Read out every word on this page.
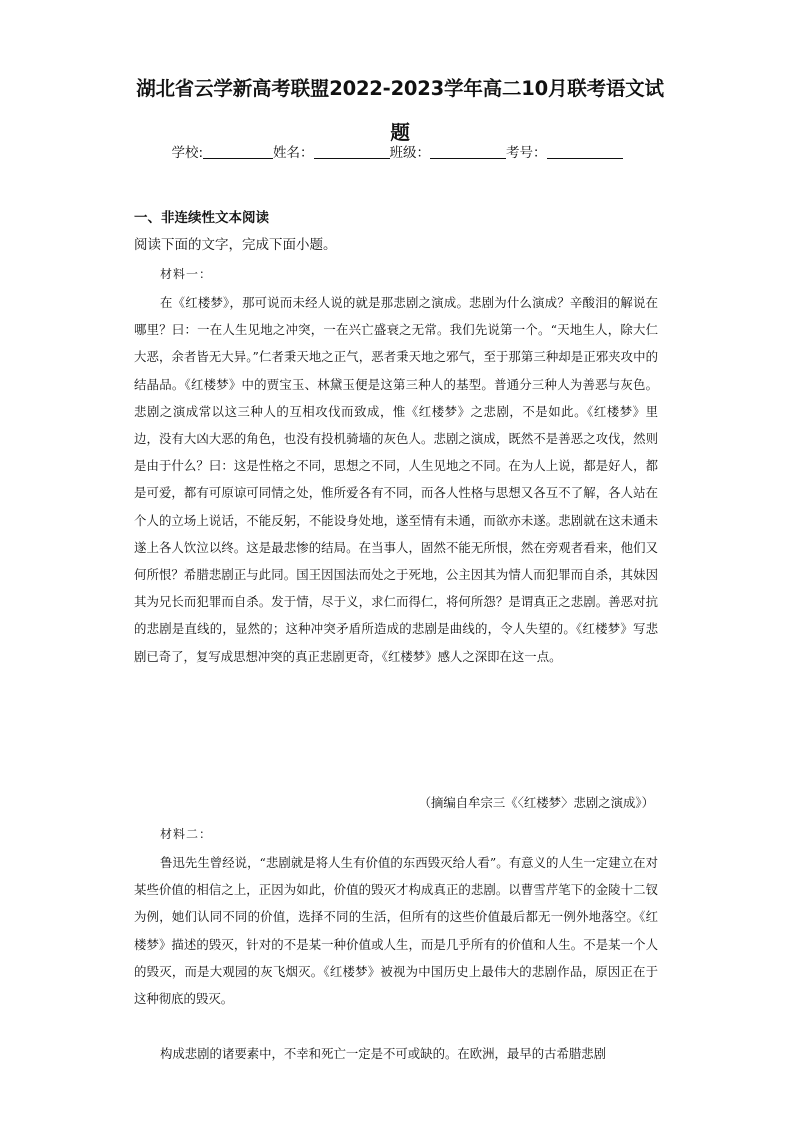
湖北省云学新高考联盟2022-2023学年高二10月联考语文试题
学校:	姓名：	班级：	考号：
一、非连续性文本阅读
阅读下面的文字，完成下面小题。
材料一：

在《红楼梦》，那可说而未经人说的就是那悲剧之演成。悲剧为什么演成？辛酸泪的解说在哪里？曰：一在人生见地之冲突，一在兴亡盛衰之无常。我们先说第一个。“天地生人，除大仁大恶，余者皆无大异。”仁者秉天地之正气，恶者秉天地之邪气，至于那第三种却是正邪夹攻中的结晶品。《红楼梦》中的贾宝玉、林黛玉便是这第三种人的基型。普通分三种人为善恶与灰色。悲剧之演成常以这三种人的互相攻伐而致成，惟《红楼梦》之悲剧，不是如此。《红楼梦》里边，没有大凶大恶的角色，也没有投机骑墙的灰色人。悲剧之演成，既然不是善恶之攻伐，然则是由于什么？曰：这是性格之不同，思想之不同，人生见地之不同。在为人上说，都是好人，都是可爱，都有可原谅可同情之处，惟所爱各有不同，而各人性格与思想又各互不了解，各人站在个人的立场上说话，不能反躬，不能设身处地，遂至情有未通，而欲亦未遂。悲剧就在这未通未遂上各人饮泣以终。这是最悲惨的结局。在当事人，固然不能无所恨，然在旁观者看来，他们又何所恨？希腊悲剧正与此同。国王因国法而处之于死地，公主因其为情人而犯罪而自杀，其妹因其为兄长而犯罪而自杀。发于情，尽于义，求仁而得仁，将何所怨？是谓真正之悲剧。善恶对抗的悲剧是直线的，显然的；这种冲突矛盾所造成的悲剧是曲线的，令人失望的。《红楼梦》写悲剧已奇了，复写成思想冲突的真正悲剧更奇，《红楼梦》感人之深即在这一点。

（摘编自牟宗三《〈红楼梦〉悲剧之演成》）
材料二：

鲁迅先生曾经说，“悲剧就是将人生有价值的东西毁灭给人看”。有意义的人生一定建立在对某些价值的相信之上，正因为如此，价值的毁灭才构成真正的悲剧。以曹雪芹笔下的金陵十二钗为例，她们认同不同的价值，选择不同的生活，但所有的这些价值最后都无一例外地落空。《红楼梦》描述的毁灭，针对的不是某一种价值或人生，而是几乎所有的价值和人生。不是某一个人的毁灭，而是大观园的灰飞烟灭。《红楼梦》被视为中国历史上最伟大的悲剧作品，原因正在于这种彻底的毁灭。

构成悲剧的诸要素中，不幸和死亡一定是不可或缺的。在欧洲，最早的古希腊悲剧
